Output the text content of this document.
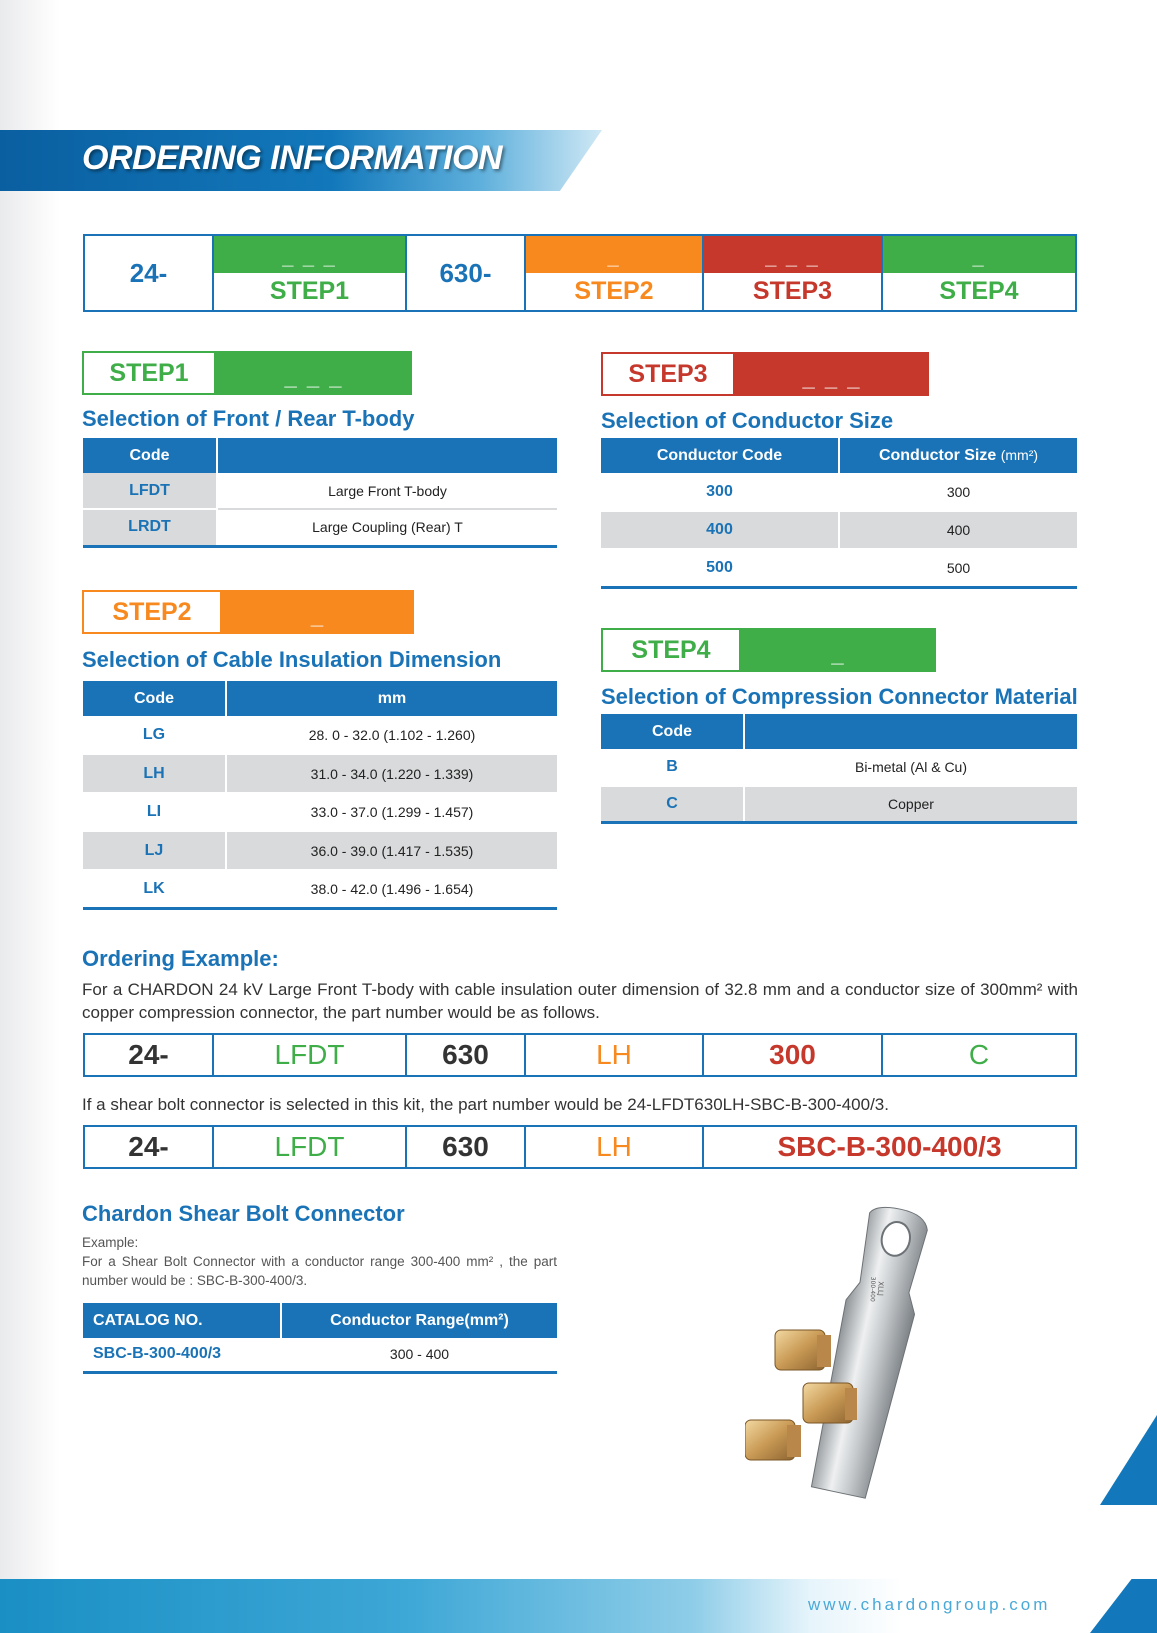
ORDERING INFORMATION
24-	_ _ _
STEP1
630-	_
STEP2
_ _ _
STEP3
_
STEP4
STEP1	_ _ _
Selection of Front / Rear T-body
Code	
LFDT	Large Front T-body
LRDT	Large Coupling (Rear) T
STEP2	_
Selection of Cable Insulation Dimension
Code	mm
LG	28. 0 - 32.0 (1.102 - 1.260)
LH	31.0 - 34.0 (1.220 - 1.339)
LI	33.0 - 37.0 (1.299 - 1.457)
LJ	36.0 - 39.0 (1.417 - 1.535)
LK	38.0 - 42.0 (1.496 - 1.654)
STEP3	_ _ _
Selection of Conductor Size
Conductor Code	Conductor Size (mm²)
300	300
400	400
500	500
STEP4	_
Selection of Compression Connector Material
Code	
B	Bi-metal (Al & Cu)
C	Copper
Ordering Example:
For a CHARDON 24 kV Large Front T-body with cable insulation outer dimension of 32.8 mm and a conductor size of 300mm² with copper compression connector, the part number would be as follows.
24-	LFDT	630	LH	300	C
If a shear bolt connector is selected in this kit, the part number would be 24-LFDT630LH-SBC-B-300-400/3.
24-	LFDT	630	LH	SBC-B-300-400/3
Chardon Shear Bolt Connector
Example:
For a Shear Bolt Connector with a conductor range 300-400 mm² , the part number would be : SBC-B-300-400/3.
CATALOG NO.	Conductor Range(mm²)
SBC-B-300-400/3	300 - 400
XLLJ
300-400
www.chardongroup.com
